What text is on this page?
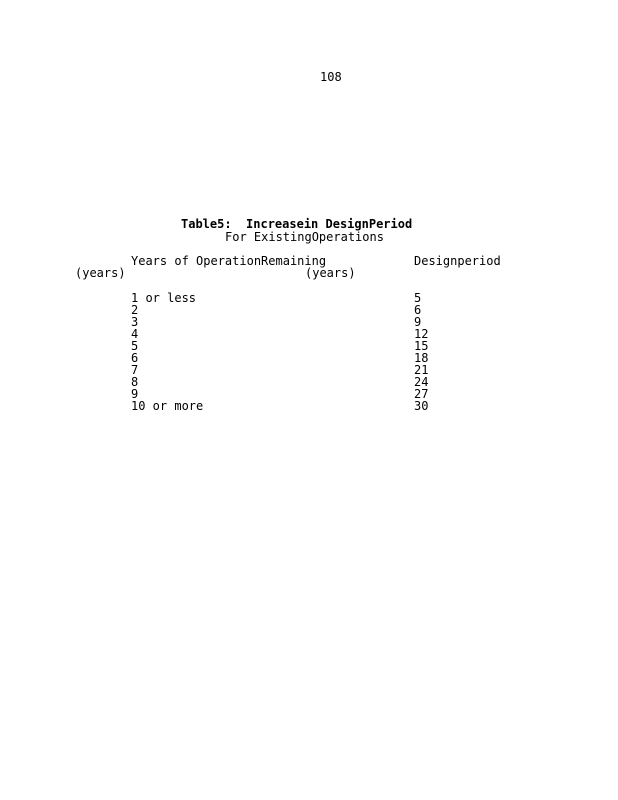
108
Table5:  Increasein DesignPeriod
For ExistingOperations
Years of OperationRemaining
(years)	(years)
Designperiod
1 or less
2
3
4
5
6
7
8
9
10 or more
5
6
9
12
15
18
21
24
27
30
